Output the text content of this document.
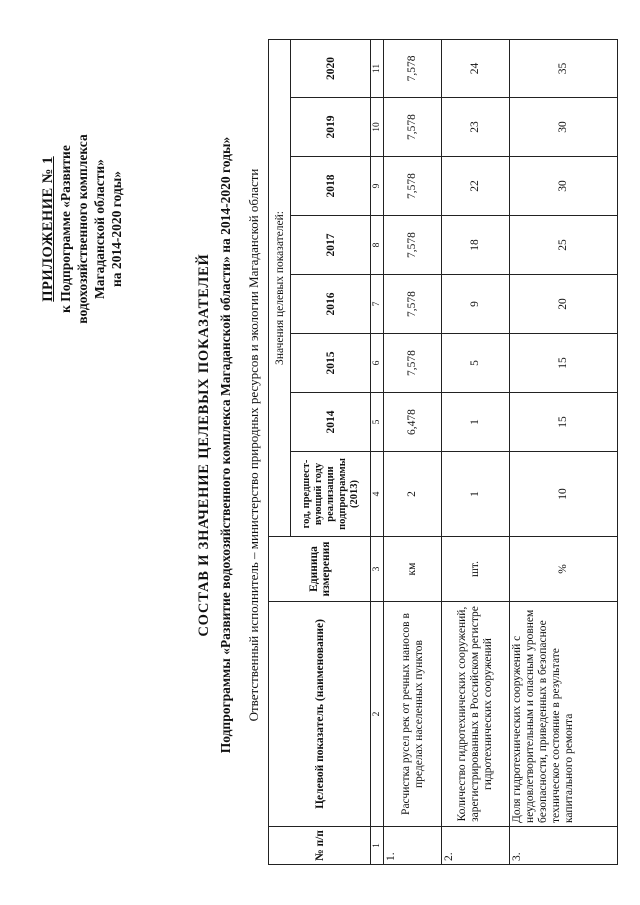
ПРИЛОЖЕНИЕ № 1 к Подпрограмме «Развитие водохозяйственного комплекса Магаданской области» на 2014-2020 годы»
СОСТАВ И ЗНАЧЕНИЕ ЦЕЛЕВЫХ ПОКАЗАТЕЛЕЙ Подпрограммы «Развитие водохозяйственного комплекса Магаданской области» на 2014-2020 годы» Ответственный исполнитель – министерство природных ресурсов и экологии Магаданской области
№ п/п	Целевой показатель (наименование)	Единица измерения	Значения целевых показателей:							
			год, предшест-вующий году реализации подпрограммы (2013)	2014	2015	2016	2017	2018	2019	2020
1	2	3	4	5	6	7	8	9	10	11
1.	Расчистка русел рек от речных наносов в пределах населенных пунктов	км	2	6,478	7,578	7,578	7,578	7,578	7,578	7,578
2.	Количество гидротехнических сооружений, зарегистрированных в Российском регистре гидротехнических сооружений	шт.	1	1	5	9	18	22	23	24
3.	Доля гидротехнических сооружений с неудовлетворительным и опасным уровнем безопасности, приведенных в безопасное техническое состояние в результате капитального ремонта	%	10	15	15	20	25	30	30	35
